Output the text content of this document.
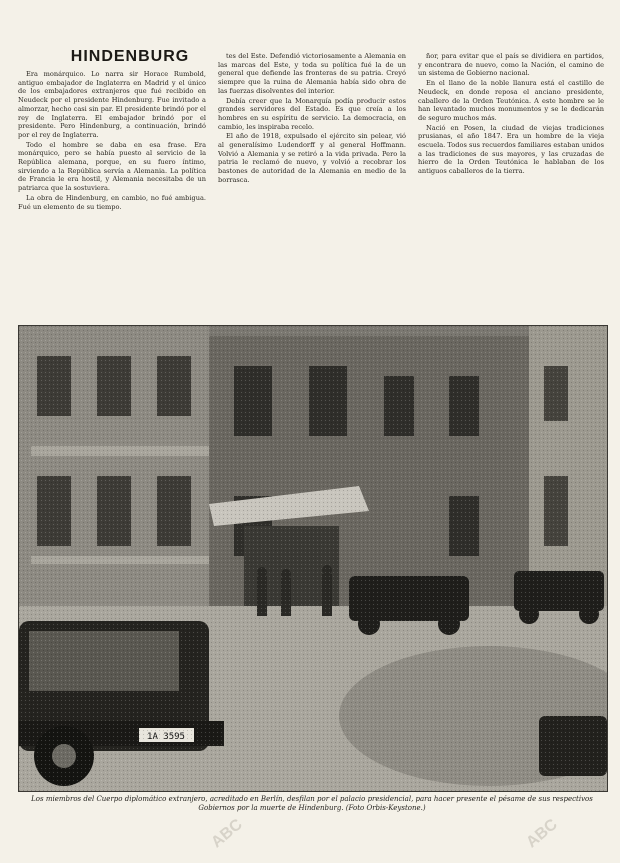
HINDENBURG

Era monárquico. Lo narra sir Horace Rumbold, antiguo embajador de Inglaterra en Madrid y el único de los embajadores extranjeros que fué recibido en Neudeck por el presidente Hindenburg. Fue invitado a almorzar, hecho casi sin par. El presidente brindó por el rey de Inglaterra. El embajador brindó por el presidente. Pero Hindenburg, a continuación, brindó por el rey de Inglaterra.

Todo el hombre se daba en esa frase. Era monárquico, pero se había puesto al servicio de la República alemana, porque, en su fuero íntimo, sirviendo a la República servía a Alemania. La política de Francia le era hostil, y Alemania necesitaba de un patriarca que la sostuviera.

La obra de Hindenburg, en cambio, no fué ambigua. Fué un elemento de su tiempo.

tes del Este. Defendió victoriosamente a Alemania en las marcas del Este, y toda su política fué la de un general que defiende las fronteras de su patria. Creyó siempre que la ruina de Alemania había sido obra de las fuerzas disolventes del interior.

Debía creer que la Monarquía podía producir estos grandes servidores del Estado. Es que creía a los hombres en su espíritu de servicio. La democracia, en cambio, les inspiraba recelo.

El año de 1918, expulsado el ejército sin pelear, vió al generalísimo Ludendorff y al general Hoffmann. Volvió a Alemania y se retiró a la vida privada. Pero la patria le reclamó de nuevo, y volvió a recobrar los bastones de autoridad de la Alemania en medio de la borrasca.

ñor, para evitar que el país se dividiera en partidos, y encontrara de nuevo, como la Nación, el camino de un sistema de Gobierno nacional.

En el llano de la noble llanura está el castillo de Neudeck, en donde reposa el anciano presidente, caballero de la Orden Teutónica. A este hombre se le han levantado muchos monumentos y se le dedicarán de seguro muchos más.

Nació en Posen, la ciudad de viejas tradiciones prusianas, el año 1847. Era un hombre de la vieja escuela. Todos sus recuerdos familiares estaban unidos a las tradiciones de sus mayores, y las cruzadas de hierro de la Orden Teutónica le hablaban de los antiguos caballeros de la tierra.

Los miembros del Cuerpo diplomático extranjero, acreditado en Berlín, desfilan por el palacio presidencial, para hacer presente el pésame de sus respectivos Gobiernos por la muerte de Hindenburg. (Foto Orbis-Keystone.)
ABC	ABC
